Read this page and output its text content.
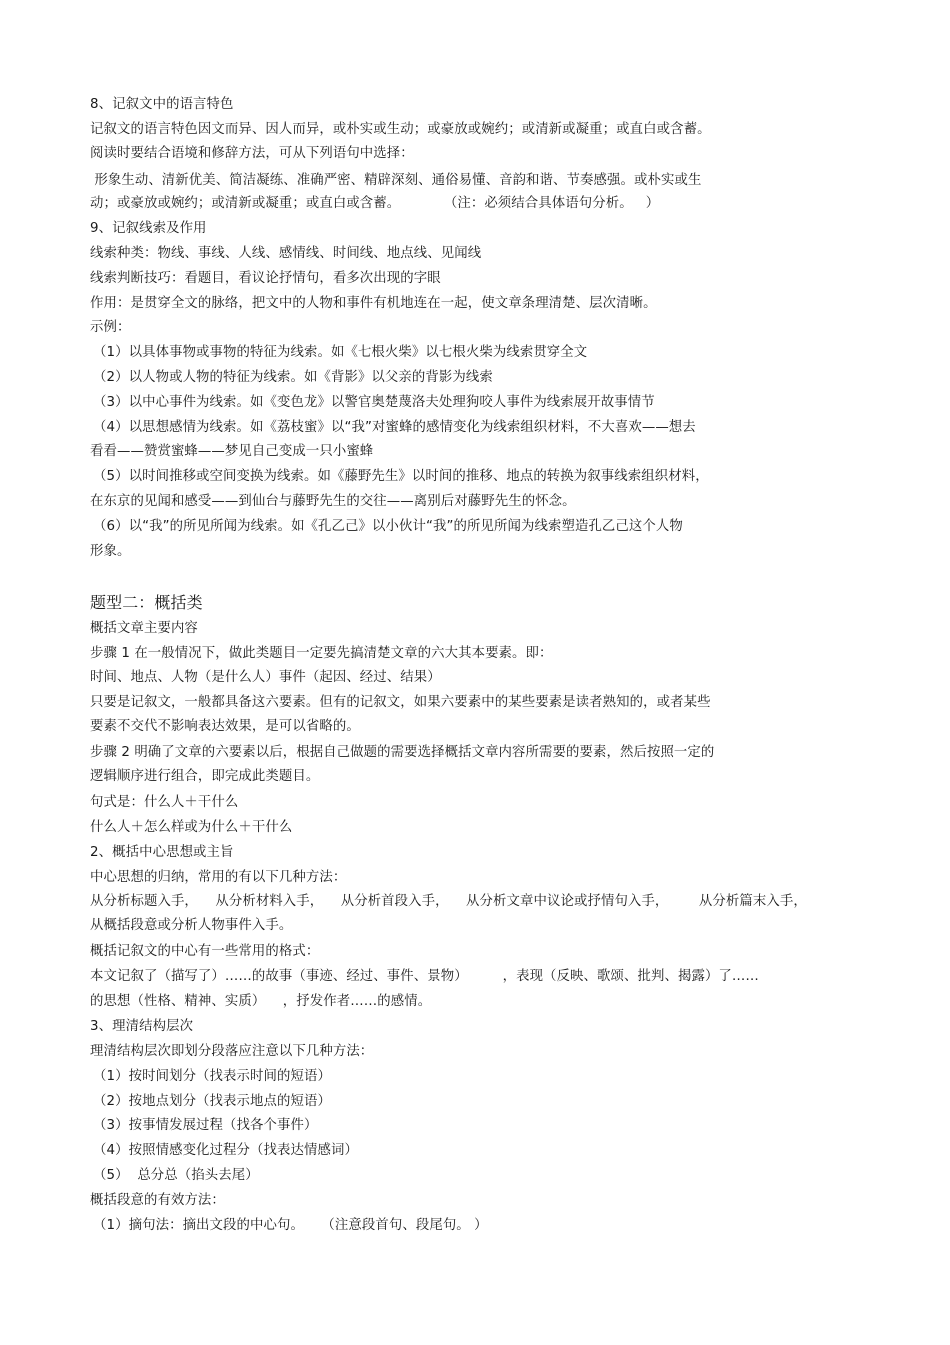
8、记叙文中的语言特色

记叙文的语言特色因文而异、因人而异，或朴实或生动；或豪放或婉约；或清新或凝重；或直白或含蓄。

阅读时要结合语境和修辞方法，可从下列语句中选择：

形象生动、清新优美、简洁凝练、准确严密、精辟深刻、通俗易懂、音韵和谐、节奏感强。或朴实或生

动；或豪放或婉约；或清新或凝重；或直白或含蓄。          （注：必须结合具体语句分析。   ）

9、记叙线索及作用

线索种类：物线、事线、人线、感情线、时间线、地点线、见闻线

线索判断技巧：看题目，看议论抒情句，看多次出现的字眼

作用：是贯穿全文的脉络，把文中的人物和事件有机地连在一起，使文章条理清楚、层次清晰。

示例：

（1）以具体事物或事物的特征为线索。如《七根火柴》以七根火柴为线索贯穿全文

（2）以人物或人物的特征为线索。如《背影》以父亲的背影为线索

（3）以中心事件为线索。如《变色龙》以警官奥楚蔑洛夫处理狗咬人事件为线索展开故事情节

（4）以思想感情为线索。如《荔枝蜜》以“我”对蜜蜂的感情变化为线索组织材料，不大喜欢——想去

看看——赞赏蜜蜂——梦见自己变成一只小蜜蜂

（5）以时间推移或空间变换为线索。如《藤野先生》以时间的推移、地点的转换为叙事线索组织材料，

在东京的见闻和感受——到仙台与藤野先生的交往——离别后对藤野先生的怀念。

（6）以“我”的所见所闻为线索。如《孔乙己》以小伙计“我”的所见所闻为线索塑造孔乙己这个人物

形象。

题型二：概括类

概括文章主要内容

步骤 1 在一般情况下，做此类题目一定要先搞清楚文章的六大其本要素。即：

时间、地点、人物（是什么人）事件（起因、经过、结果）

只要是记叙文，一般都具备这六要素。但有的记叙文，如果六要素中的某些要素是读者熟知的，或者某些

要素不交代不影响表达效果，是可以省略的。

步骤 2 明确了文章的六要素以后，根据自己做题的需要选择概括文章内容所需要的要素，然后按照一定的

逻辑顺序进行组合，即完成此类题目。

句式是：什么人＋干什么

什么人＋怎么样或为什么＋干什么

2、概括中心思想或主旨

中心思想的归纳，常用的有以下几种方法：

从分析标题入手，    从分析材料入手，    从分析首段入手，    从分析文章中议论或抒情句入手，       从分析篇末入手，

从概括段意或分析人物事件入手。

概括记叙文的中心有一些常用的格式：

本文记叙了（描写了）……的故事（事迹、经过、事件、景物）        ，表现（反映、歌颂、批判、揭露）了……

的思想（性格、精神、实质）    ，抒发作者……的感情。

3、理清结构层次

理清结构层次即划分段落应注意以下几种方法：

（1）按时间划分（找表示时间的短语）

（2）按地点划分（找表示地点的短语）

（3）按事情发展过程（找各个事件）

（4）按照情感变化过程分（找表达情感词）

（5）  总分总（掐头去尾）

概括段意的有效方法：

（1）摘句法：摘出文段的中心句。    （注意段首句、段尾句。 ）
